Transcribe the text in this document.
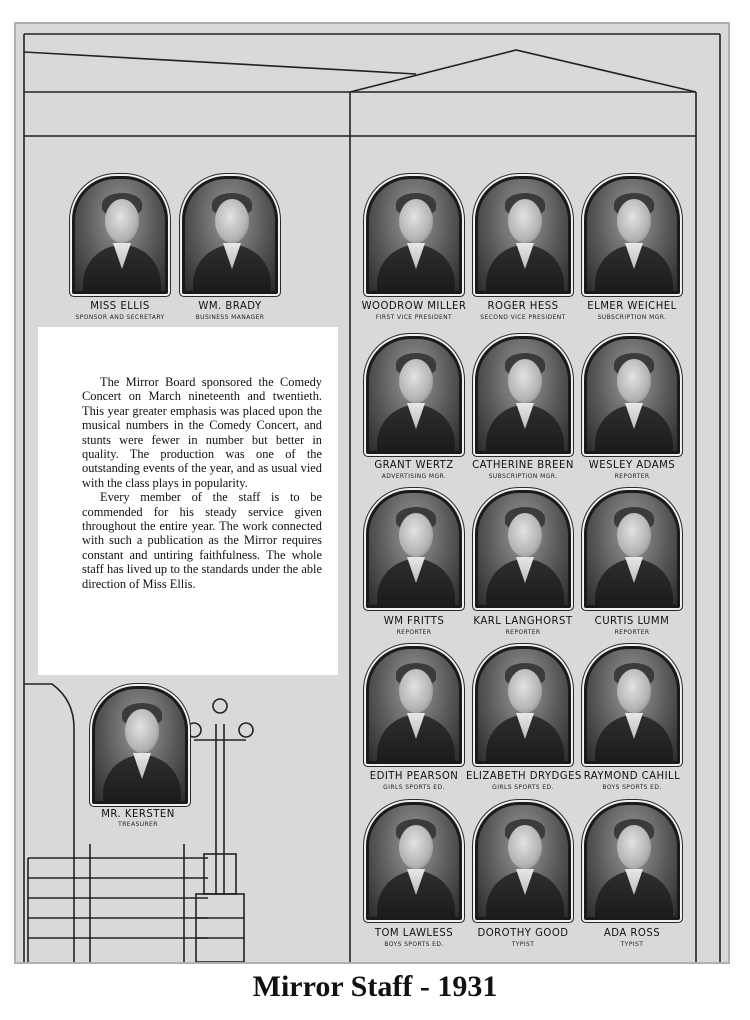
MISS ELLIS
SPONSOR AND SECRETARY
WM. BRADY
BUSINESS MANAGER
WOODROW MILLER
FIRST VICE PRESIDENT
ROGER HESS
SECOND VICE PRESIDENT
ELMER WEICHEL
SUBSCRIPTION MGR.
GRANT WERTZ
ADVERTISING MGR.
CATHERINE BREEN
SUBSCRIPTION MGR.
WESLEY ADAMS
REPORTER
WM FRITTS
REPORTER
KARL LANGHORST
REPORTER
CURTIS LUMM
REPORTER
EDITH PEARSON
GIRLS SPORTS ED.
ELIZABETH DRYDGES
GIRLS SPORTS ED.
RAYMOND CAHILL
BOYS SPORTS ED.
TOM LAWLESS
BOYS SPORTS ED.
DOROTHY GOOD
TYPIST
ADA ROSS
TYPIST
MR. KERSTEN
TREASURER

The Mirror Board sponsored the Comedy Concert on March nineteenth and twentieth. This year greater emphasis was placed upon the musical numbers in the Comedy Concert, and stunts were fewer in number but better in quality. The production was one of the outstanding events of the year, and as usual vied with the class plays in popularity.

Every member of the staff is to be commended for his steady service given throughout the entire year. The work connected with such a publication as the Mirror requires constant and untiring faithfulness. The whole staff has lived up to the standards under the able direction of Miss Ellis.

Mirror Staff - 1931
